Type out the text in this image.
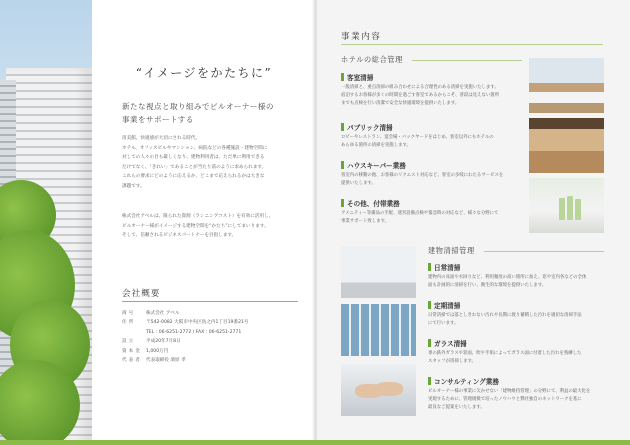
“イメージをかたちに”
新たな視点と取り組みでビルオーナー様の
事業をサポートする
清美館。快適感が大切にされる時代。
ホテル、オフィスビルやマンション、病院などの各種施設・建物空間に
対しての人々の目も厳しくなり、建物利用者は、ただ単に利用できる
だけでなく、「きれい」であることが当たり前のように求められます。
これらの要求にどのように応えるか、どこまで応えられるかは大きな
課題です。
株式会社アベルは、限られた資源（ランニングコスト）を有効に活用し、
ビルオーナー様がイメージする建物空間を“かたち”にしてまいります。
そして、信頼されるビジネスパートナーを目指します。
会社概要
商号	株式会社 アベル
住所	〒542-0082 大阪市中央区島之内1丁目19番21号
TEL : 06-6251-2772 / FAX : 06-6251-2771
設立	平成20年7月8日
資本金 1,000万円
代表者 代表取締役 濱原 孝
事業内容
ホテルの総合管理
客室清掃
一般清掃と、重点清掃の組み合わせによる合理性のある清掃を実施いたします。
宿泊するお客様が多くの時間を過ごす客室であるからこそ、普段は見えない箇所
までも点検を行い清潔で安全な快適環境を提供いたします。
パブリック清掃
ロビーやレストラン、宴会場・バックヤードをはじめ、客室以外にもホテルの
あらゆる箇所の清掃を実施します。
ハウスキーパー業務
客室内の移動の他、お客様のリクエスト対応など、客室の多岐にわたるサービスを
提供いたします。
その他、付帯業務
アメニティー等備品の手配、迷宮設備点検や緊急時の対応など、様々な分野にて
事業サポート致します。
建物清掃管理
日常清掃
建物内の床面や水回りなど、利用頻度の高い箇所に加え、窓や室内各などの全体
面も計画的に清掃を行い、衛生的な環境を提供いたします。
定期清掃
日常清掃では落としきれない汚れや長期に渡り蓄積した汚れを適切な清掃手法
にて行います。
ガラス清掃
専の鉄外ガラスや窓面、吹や手垢によってガラス面に付着した汚れを熟練した
スタッフが清掃します。
コンサルティング業務
ビルオーナー様の事業に欠かせない「建物維持管理」の分野にて、利益の最大化を
実現するために、管理規模で培ったノウハウと弊社独自のネットワークを基に
最良なご提案をいたします。
